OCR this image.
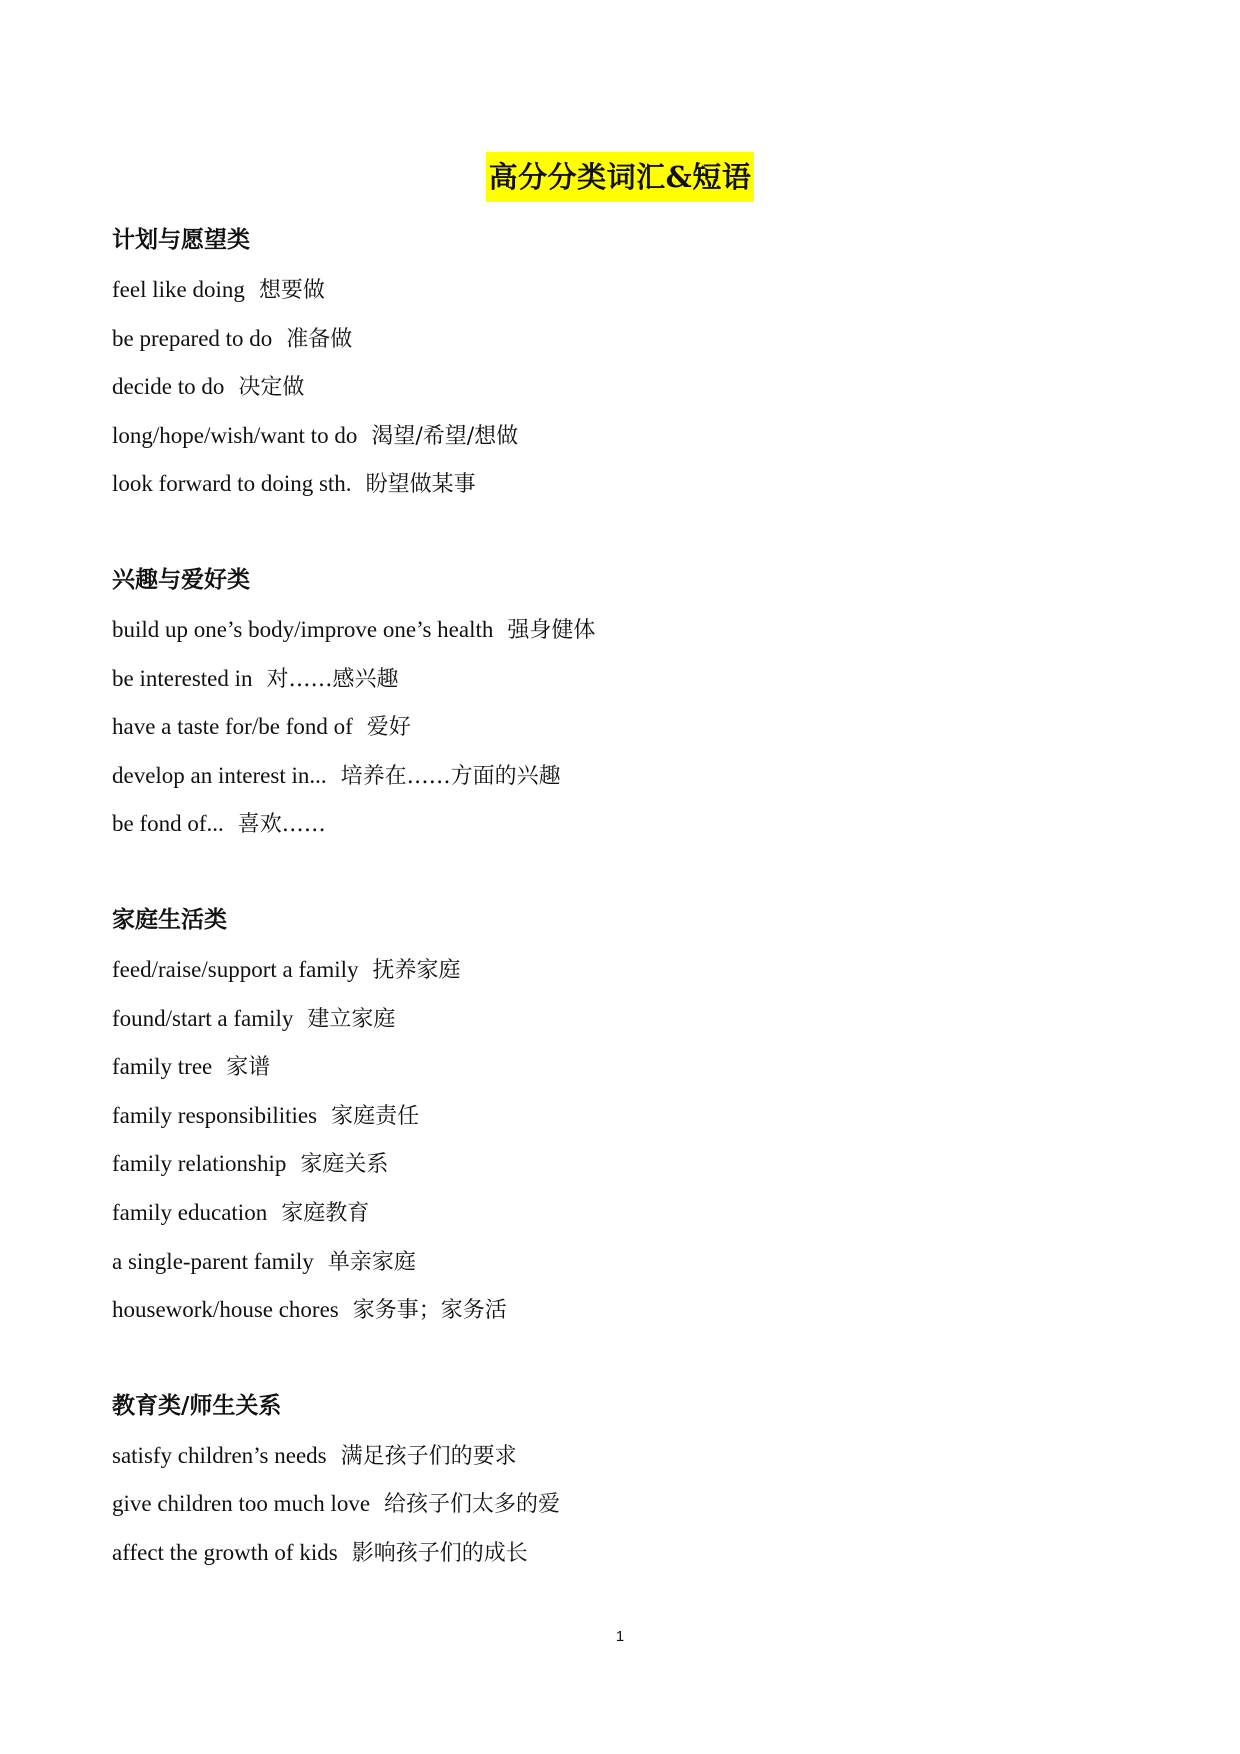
高分分类词汇&短语
计划与愿望类
feel like doing 想要做
be prepared to do 准备做
decide to do 决定做
long/hope/wish/want to do 渴望/希望/想做
look forward to doing sth. 盼望做某事
兴趣与爱好类
build up one’s body/improve one’s health 强身健体
be interested in 对……感兴趣
have a taste for/be fond of 爱好
develop an interest in... 培养在……方面的兴趣
be fond of... 喜欢……
家庭生活类
feed/raise/support a family 抚养家庭
found/start a family 建立家庭
family tree 家谱
family responsibilities 家庭责任
family relationship 家庭关系
family education 家庭教育
a single-parent family 单亲家庭
housework/house chores 家务事；家务活
教育类/师生关系
satisfy children’s needs 满足孩子们的要求
give children too much love 给孩子们太多的爱
affect the growth of kids 影响孩子们的成长
1
